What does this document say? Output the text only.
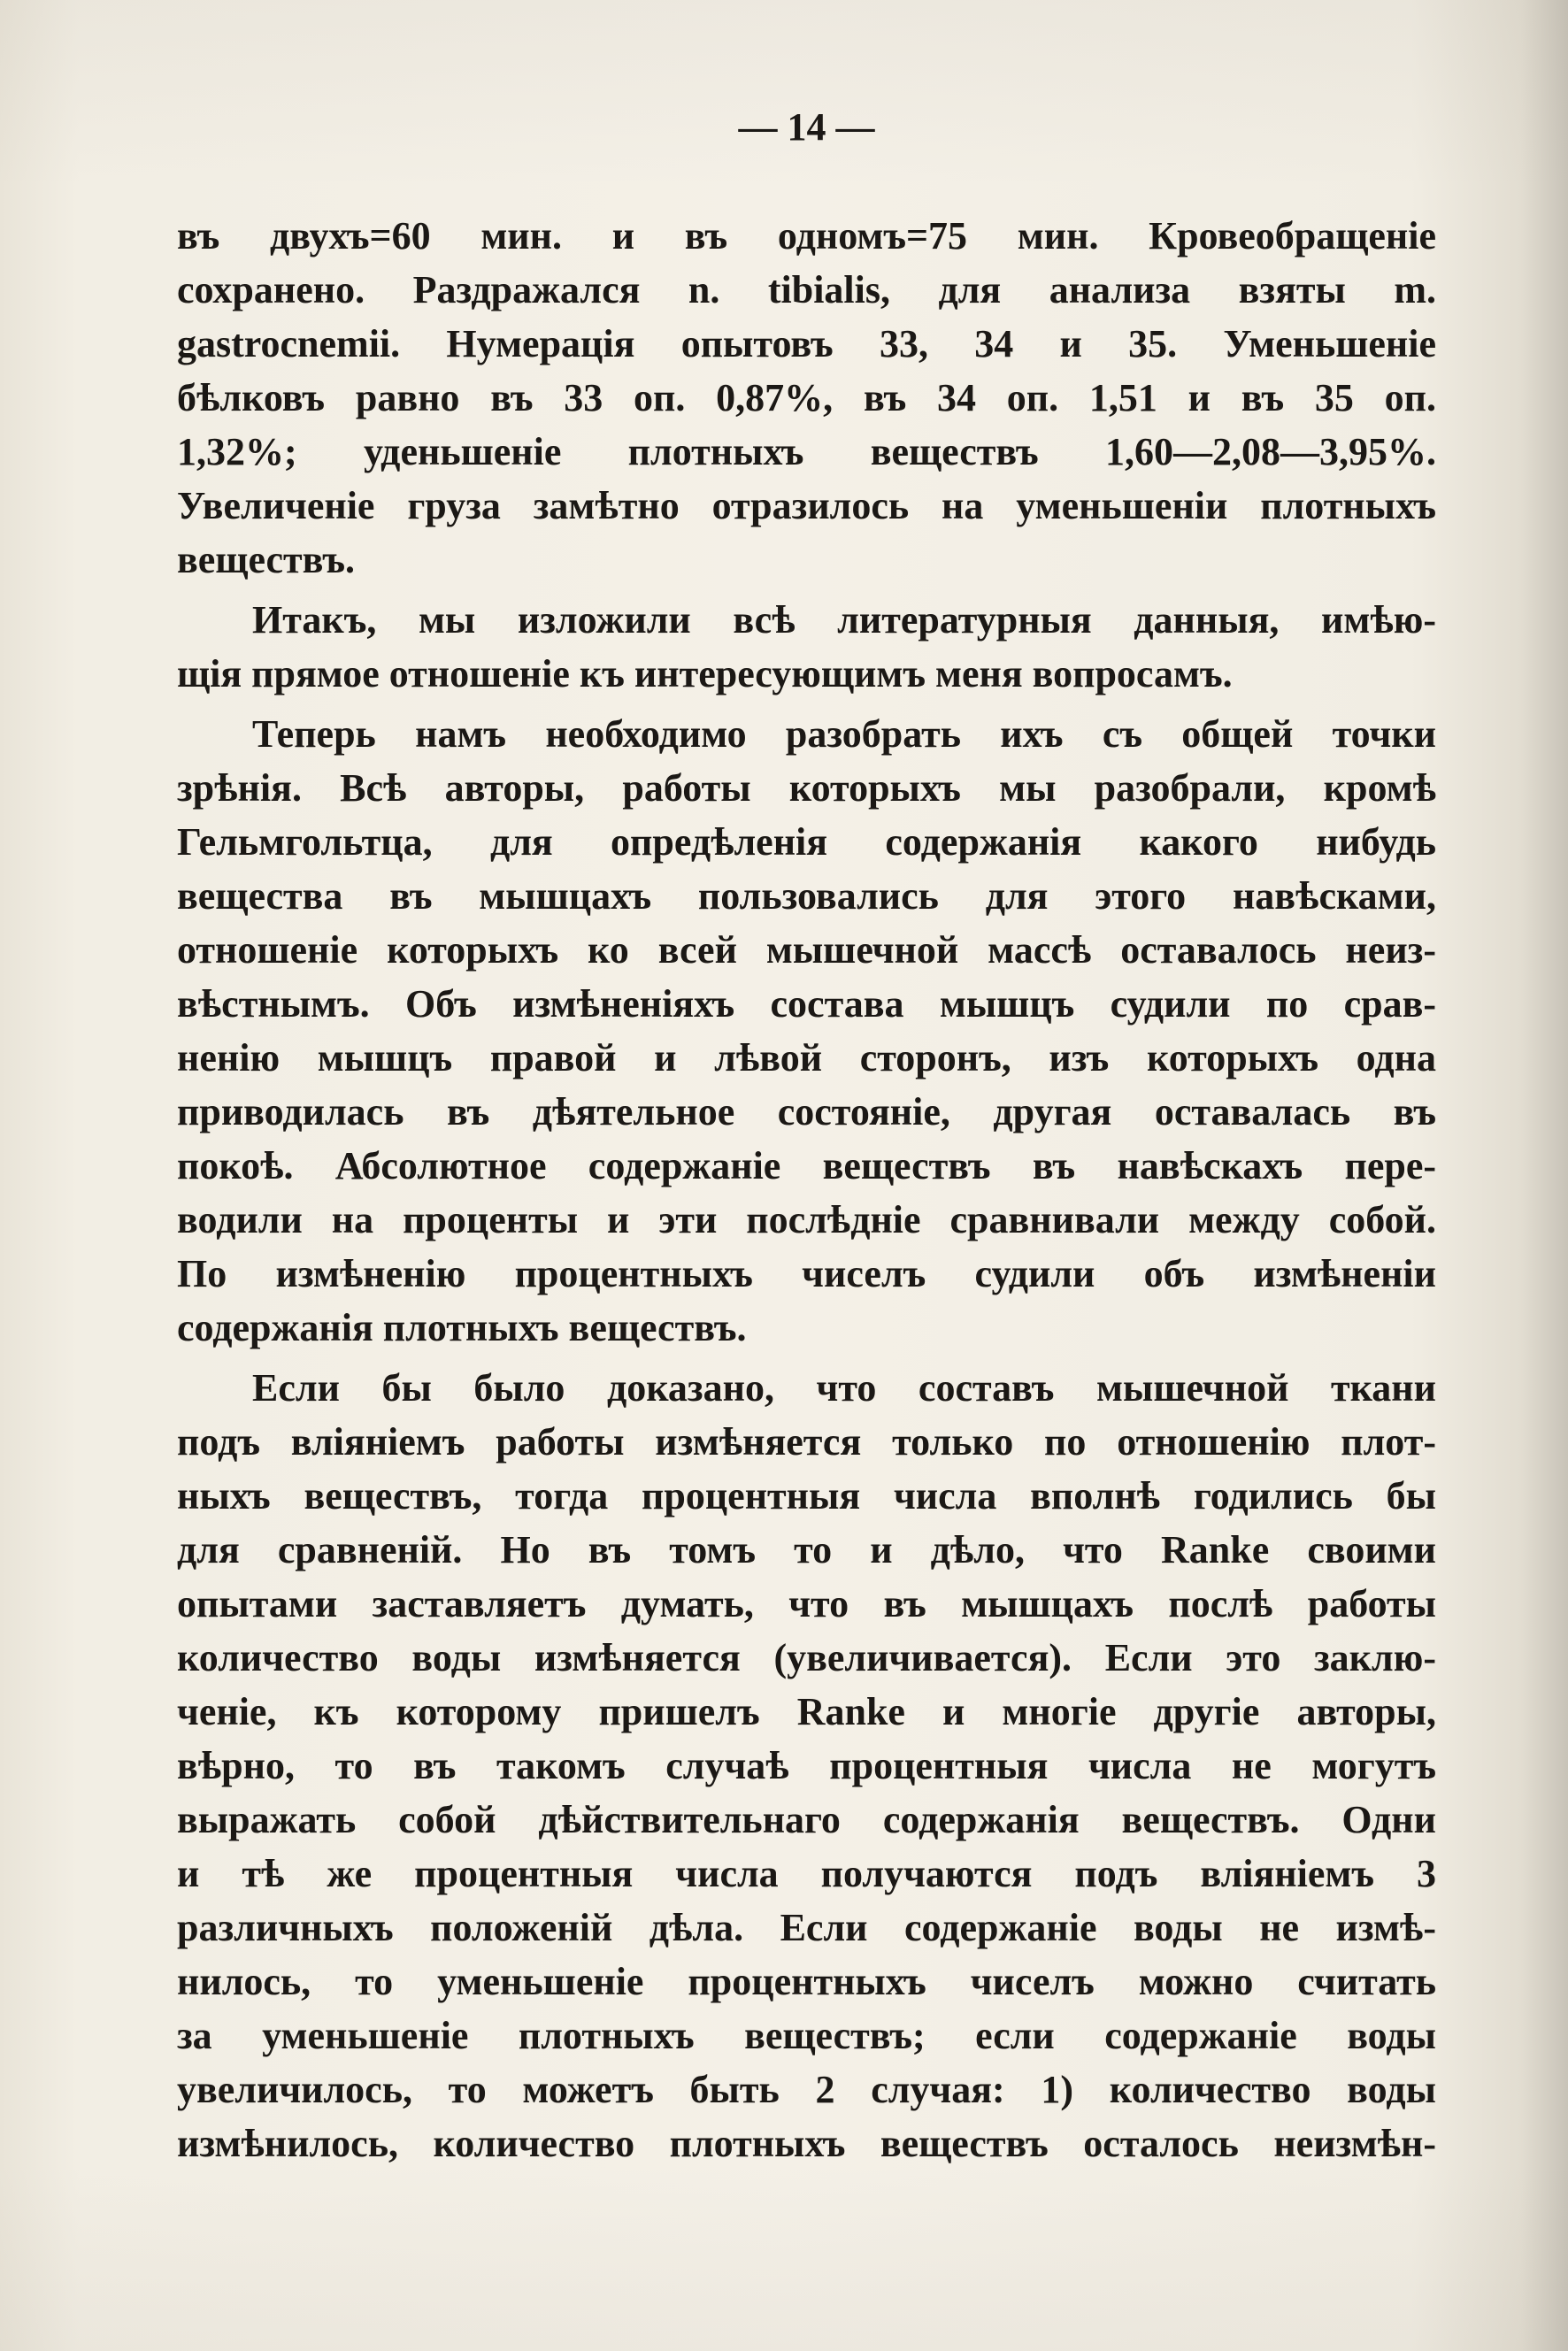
— 14 —
въ двухъ=60 мин. и въ одномъ=75 мин. Кровеобращеніе
сохранено. Раздражался n. tibialis, для анализа взяты m.
gastrocnemii. Нумерація опытовъ 33, 34 и 35. Уменьшеніе
бѣлковъ равно въ 33 оп. 0,87%, въ 34 оп. 1,51 и въ 35 оп.
1,32%; уденьшеніе плотныхъ веществъ 1,60—2,08—3,95%.
Увеличеніе груза замѣтно отразилось на уменьшеніи плотныхъ
веществъ.
Итакъ, мы изложили всѣ литературныя данныя, имѣю-
щія прямое отношеніе къ интересующимъ меня вопросамъ.
Теперь намъ необходимо разобрать ихъ съ общей точки
зрѣнія. Всѣ авторы, работы которыхъ мы разобрали, кромѣ
Гельмгольтца, для опредѣленія содержанія какого нибудь
вещества въ мышцахъ пользовались для этого навѣсками,
отношеніе которыхъ ко всей мышечной массѣ оставалось неиз-
вѣстнымъ. Объ измѣненіяхъ состава мышцъ судили по срав-
ненію мышцъ правой и лѣвой сторонъ, изъ которыхъ одна
приводилась въ дѣятельное состояніе, другая оставалась въ
покоѣ. Абсолютное содержаніе веществъ въ навѣскахъ пере-
водили на проценты и эти послѣдніе сравнивали между собой.
По измѣненію процентныхъ чиселъ судили объ измѣненіи
содержанія плотныхъ веществъ.
Если бы было доказано, что составъ мышечной ткани
подъ вліяніемъ работы измѣняется только по отношенію плот-
ныхъ веществъ, тогда процентныя числа вполнѣ годились бы
для сравненій. Но въ томъ то и дѣло, что Ranke своими
опытами заставляетъ думать, что въ мышцахъ послѣ работы
количество воды измѣняется (увеличивается). Если это заклю-
ченіе, къ которому пришелъ Ranke и многіе другіе авторы,
вѣрно, то въ такомъ случаѣ процентныя числа не могутъ
выражать собой дѣйствительнаго содержанія веществъ. Одни
и тѣ же процентныя числа получаются подъ вліяніемъ 3
различныхъ положеній дѣла. Если содержаніе воды не измѣ-
нилось, то уменьшеніе процентныхъ чиселъ можно считать
за уменьшеніе плотныхъ веществъ; если содержаніе воды
увеличилось, то можетъ быть 2 случая: 1) количество воды
измѣнилось, количество плотныхъ веществъ осталось неизмѣн-
